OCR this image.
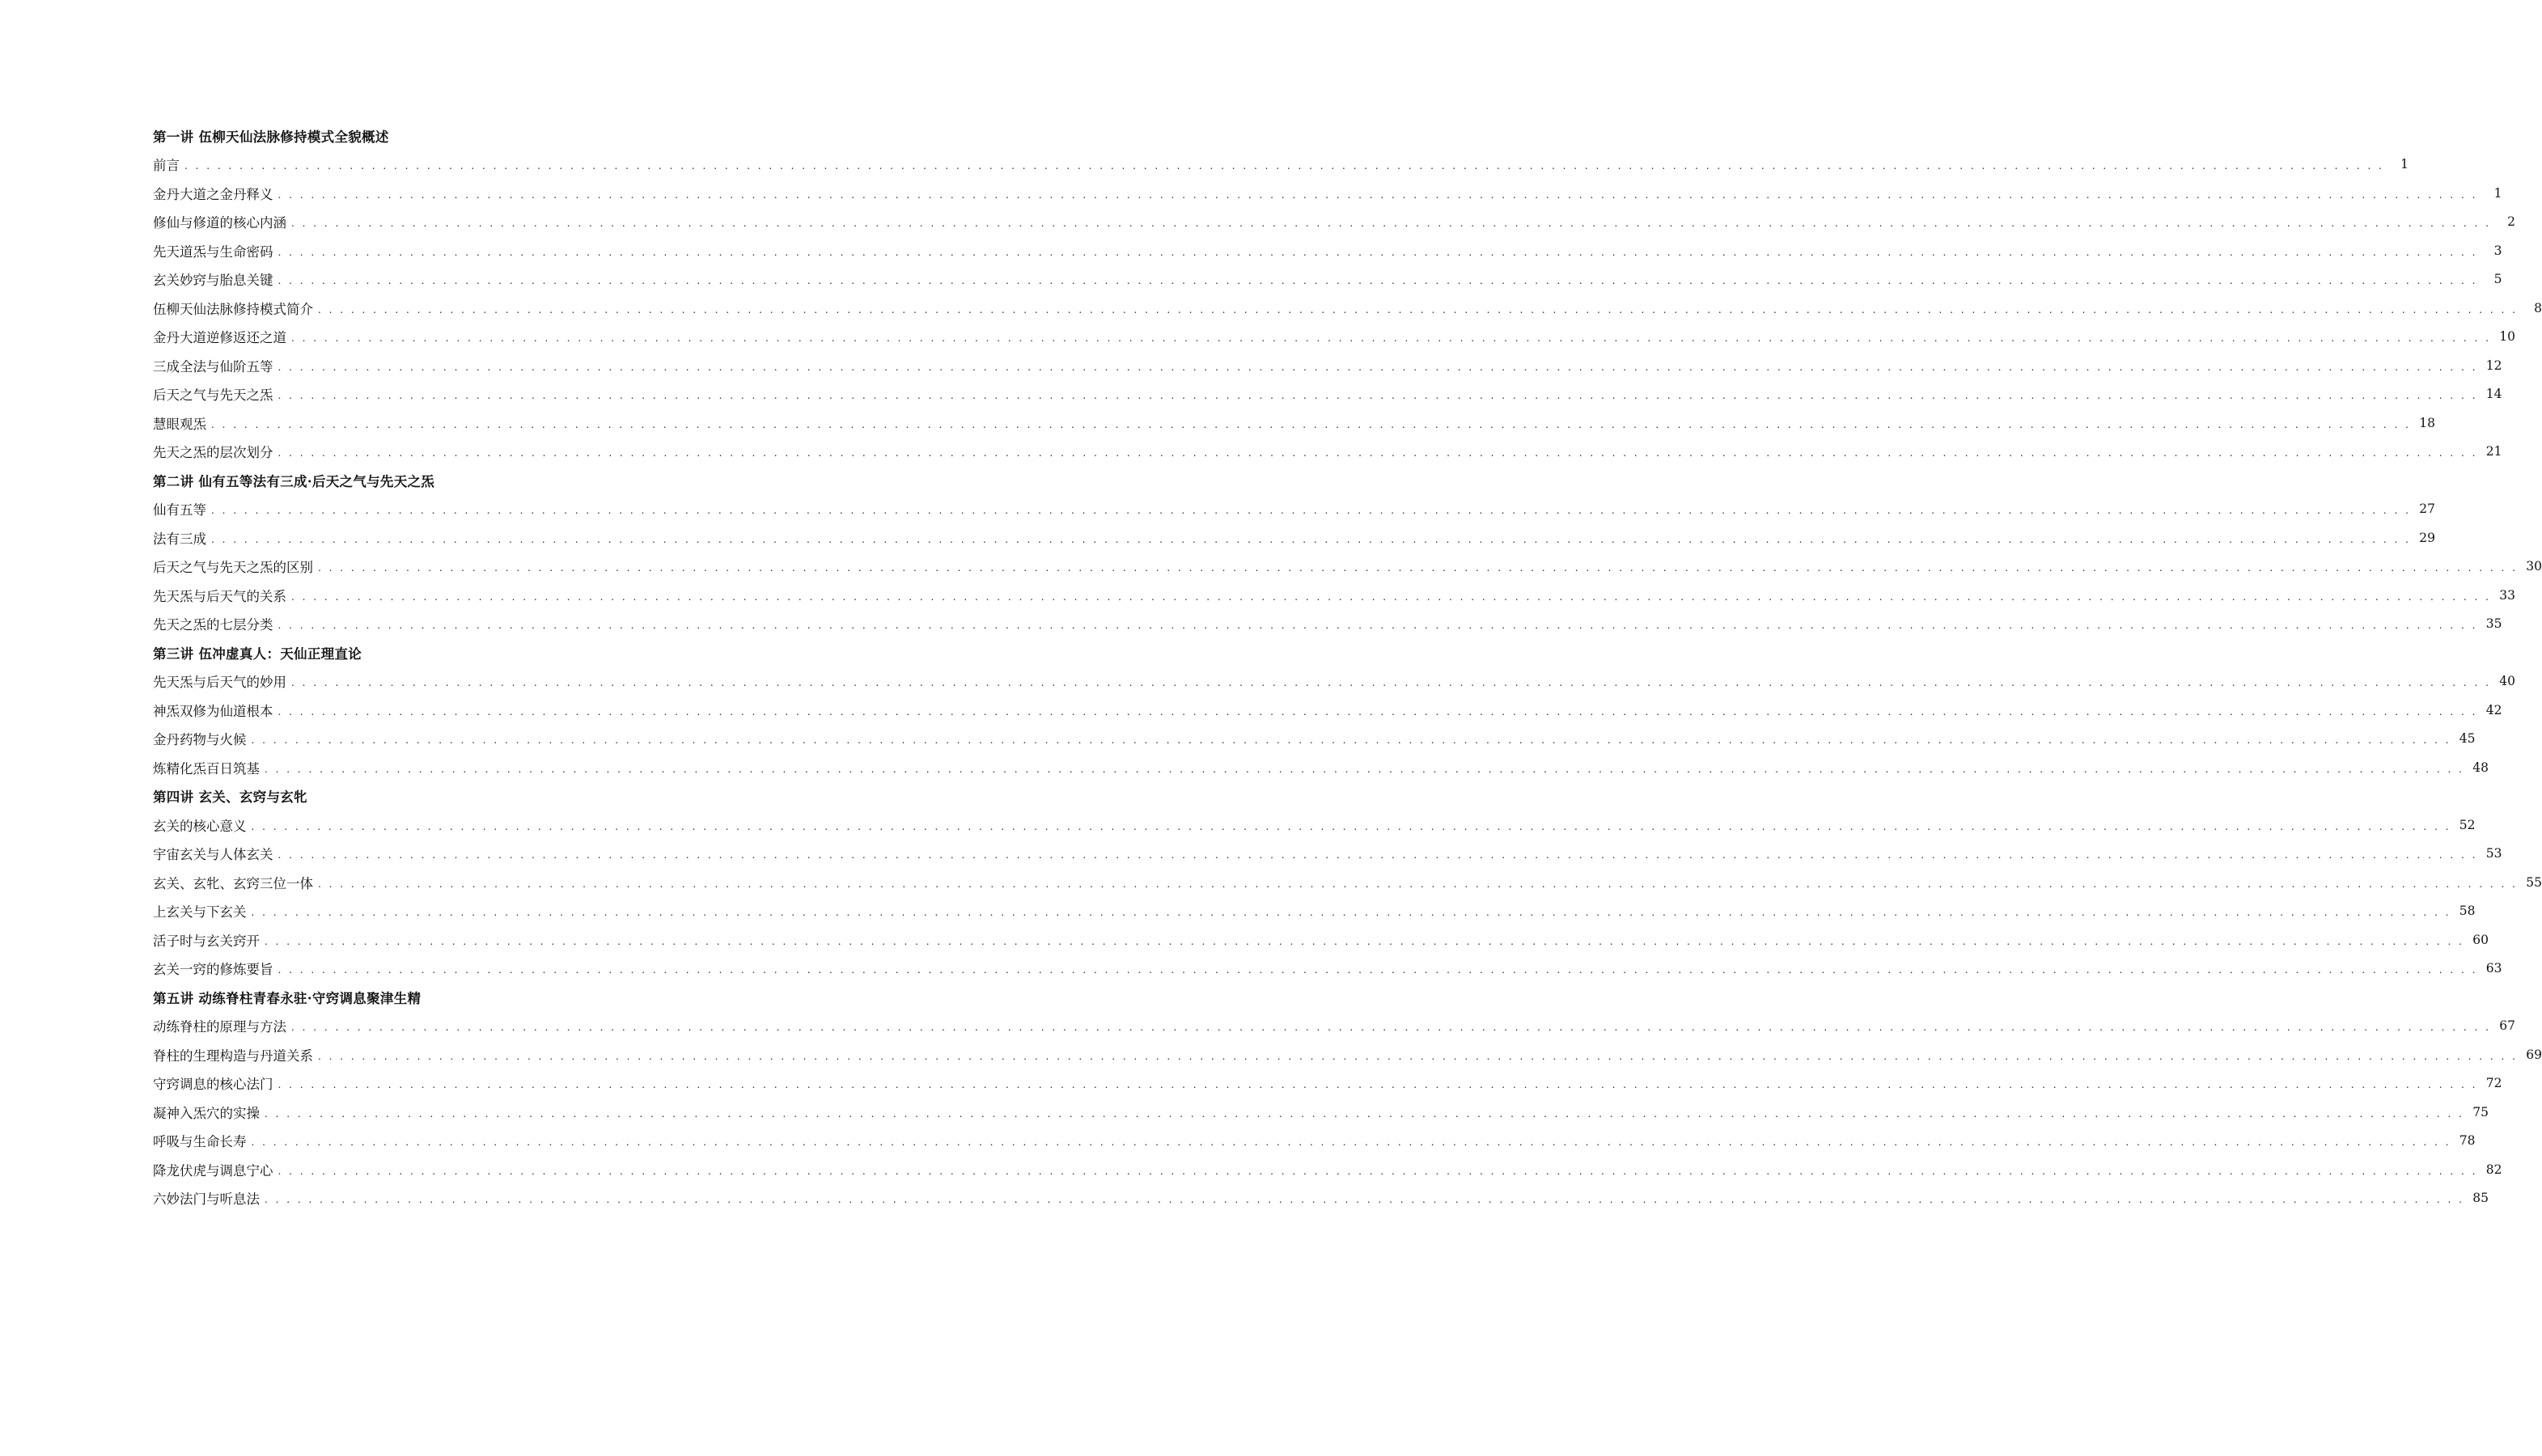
第一讲 伍柳天仙法脉修持模式全貌概述
前言 . . . . . . . . . . . . . . . . . . . . . . . . . . . . . . . . . . . . . . . . . . . . . . . . . . . . . . . . . . . . . . . . . . . . . . . . . . . . . . . . . . . . . . . . . . . . . . . . . . . . . . . . . . . . . . . . . . . . . . . . . . . . . . . . . . . . . . . . . . . . . . . . . . . . . . . . . . . . . . . . . . . . . . . . . . . . . . . . . . . . . . . . . . . . . . . . . . . . . . . .	1
金丹大道之金丹释义 . . . . . . . . . . . . . . . . . . . . . . . . . . . . . . . . . . . . . . . . . . . . . . . . . . . . . . . . . . . . . . . . . . . . . . . . . . . . . . . . . . . . . . . . . . . . . . . . . . . . . . . . . . . . . . . . . . . . . . . . . . . . . . . . . . . . . . . . . . . . . . . . . . . . . . . . . . . . . . . . . . . . . . . . . . . . . . . . . . . . . . . . . . . . . . . . . . . . . . . .	1
修仙与修道的核心内涵 . . . . . . . . . . . . . . . . . . . . . . . . . . . . . . . . . . . . . . . . . . . . . . . . . . . . . . . . . . . . . . . . . . . . . . . . . . . . . . . . . . . . . . . . . . . . . . . . . . . . . . . . . . . . . . . . . . . . . . . . . . . . . . . . . . . . . . . . . . . . . . . . . . . . . . . . . . . . . . . . . . . . . . . . . . . . . . . . . . . . . . . . . . . . . . . . . . . . . . . .	2
先天道炁与生命密码 . . . . . . . . . . . . . . . . . . . . . . . . . . . . . . . . . . . . . . . . . . . . . . . . . . . . . . . . . . . . . . . . . . . . . . . . . . . . . . . . . . . . . . . . . . . . . . . . . . . . . . . . . . . . . . . . . . . . . . . . . . . . . . . . . . . . . . . . . . . . . . . . . . . . . . . . . . . . . . . . . . . . . . . . . . . . . . . . . . . . . . . . . . . . . . . . . . . . . . . .	3
玄关妙窍与胎息关键 . . . . . . . . . . . . . . . . . . . . . . . . . . . . . . . . . . . . . . . . . . . . . . . . . . . . . . . . . . . . . . . . . . . . . . . . . . . . . . . . . . . . . . . . . . . . . . . . . . . . . . . . . . . . . . . . . . . . . . . . . . . . . . . . . . . . . . . . . . . . . . . . . . . . . . . . . . . . . . . . . . . . . . . . . . . . . . . . . . . . . . . . . . . . . . . . . . . . . . . .	5
伍柳天仙法脉修持模式简介 . . . . . . . . . . . . . . . . . . . . . . . . . . . . . . . . . . . . . . . . . . . . . . . . . . . . . . . . . . . . . . . . . . . . . . . . . . . . . . . . . . . . . . . . . . . . . . . . . . . . . . . . . . . . . . . . . . . . . . . . . . . . . . . . . . . . . . . . . . . . . . . . . . . . . . . . . . . . . . . . . . . . . . . . . . . . . . . . . . . . . . . . . . . . . . . . . . . . . . . .	8
金丹大道逆修返还之道 . . . . . . . . . . . . . . . . . . . . . . . . . . . . . . . . . . . . . . . . . . . . . . . . . . . . . . . . . . . . . . . . . . . . . . . . . . . . . . . . . . . . . . . . . . . . . . . . . . . . . . . . . . . . . . . . . . . . . . . . . . . . . . . . . . . . . . . . . . . . . . . . . . . . . . . . . . . . . . . . . . . . . . . . . . . . . . . . . . . . . . . . . . . . . . . . . . . . . . . . 10
三成全法与仙阶五等 . . . . . . . . . . . . . . . . . . . . . . . . . . . . . . . . . . . . . . . . . . . . . . . . . . . . . . . . . . . . . . . . . . . . . . . . . . . . . . . . . . . . . . . . . . . . . . . . . . . . . . . . . . . . . . . . . . . . . . . . . . . . . . . . . . . . . . . . . . . . . . . . . . . . . . . . . . . . . . . . . . . . . . . . . . . . . . . . . . . . . . . . . . . . . . . . . . . . . . . . 12
后天之气与先天之炁 . . . . . . . . . . . . . . . . . . . . . . . . . . . . . . . . . . . . . . . . . . . . . . . . . . . . . . . . . . . . . . . . . . . . . . . . . . . . . . . . . . . . . . . . . . . . . . . . . . . . . . . . . . . . . . . . . . . . . . . . . . . . . . . . . . . . . . . . . . . . . . . . . . . . . . . . . . . . . . . . . . . . . . . . . . . . . . . . . . . . . . . . . . . . . . . . . . . . . . . . 14
慧眼观炁 . . . . . . . . . . . . . . . . . . . . . . . . . . . . . . . . . . . . . . . . . . . . . . . . . . . . . . . . . . . . . . . . . . . . . . . . . . . . . . . . . . . . . . . . . . . . . . . . . . . . . . . . . . . . . . . . . . . . . . . . . . . . . . . . . . . . . . . . . . . . . . . . . . . . . . . . . . . . . . . . . . . . . . . . . . . . . . . . . . . . . . . . . . . . . . . . . . . . . . . . 18
先天之炁的层次划分 . . . . . . . . . . . . . . . . . . . . . . . . . . . . . . . . . . . . . . . . . . . . . . . . . . . . . . . . . . . . . . . . . . . . . . . . . . . . . . . . . . . . . . . . . . . . . . . . . . . . . . . . . . . . . . . . . . . . . . . . . . . . . . . . . . . . . . . . . . . . . . . . . . . . . . . . . . . . . . . . . . . . . . . . . . . . . . . . . . . . . . . . . . . . . . . . . . . . . . . . 21
第二讲 仙有五等法有三成·后天之气与先天之炁
仙有五等 . . . . . . . . . . . . . . . . . . . . . . . . . . . . . . . . . . . . . . . . . . . . . . . . . . . . . . . . . . . . . . . . . . . . . . . . . . . . . . . . . . . . . . . . . . . . . . . . . . . . . . . . . . . . . . . . . . . . . . . . . . . . . . . . . . . . . . . . . . . . . . . . . . . . . . . . . . . . . . . . . . . . . . . . . . . . . . . . . . . . . . . . . . . . . . . . . . . . . . . . 27
法有三成 . . . . . . . . . . . . . . . . . . . . . . . . . . . . . . . . . . . . . . . . . . . . . . . . . . . . . . . . . . . . . . . . . . . . . . . . . . . . . . . . . . . . . . . . . . . . . . . . . . . . . . . . . . . . . . . . . . . . . . . . . . . . . . . . . . . . . . . . . . . . . . . . . . . . . . . . . . . . . . . . . . . . . . . . . . . . . . . . . . . . . . . . . . . . . . . . . . . . . . . . 29
后天之气与先天之炁的区别 . . . . . . . . . . . . . . . . . . . . . . . . . . . . . . . . . . . . . . . . . . . . . . . . . . . . . . . . . . . . . . . . . . . . . . . . . . . . . . . . . . . . . . . . . . . . . . . . . . . . . . . . . . . . . . . . . . . . . . . . . . . . . . . . . . . . . . . . . . . . . . . . . . . . . . . . . . . . . . . . . . . . . . . . . . . . . . . . . . . . . . . . . . . . . . . . . . . . . . . . 30
先天炁与后天气的关系 . . . . . . . . . . . . . . . . . . . . . . . . . . . . . . . . . . . . . . . . . . . . . . . . . . . . . . . . . . . . . . . . . . . . . . . . . . . . . . . . . . . . . . . . . . . . . . . . . . . . . . . . . . . . . . . . . . . . . . . . . . . . . . . . . . . . . . . . . . . . . . . . . . . . . . . . . . . . . . . . . . . . . . . . . . . . . . . . . . . . . . . . . . . . . . . . . . . . . . . . 33
先天之炁的七层分类 . . . . . . . . . . . . . . . . . . . . . . . . . . . . . . . . . . . . . . . . . . . . . . . . . . . . . . . . . . . . . . . . . . . . . . . . . . . . . . . . . . . . . . . . . . . . . . . . . . . . . . . . . . . . . . . . . . . . . . . . . . . . . . . . . . . . . . . . . . . . . . . . . . . . . . . . . . . . . . . . . . . . . . . . . . . . . . . . . . . . . . . . . . . . . . . . . . . . . . . . 35
第三讲 伍冲虚真人：天仙正理直论
先天炁与后天气的妙用 . . . . . . . . . . . . . . . . . . . . . . . . . . . . . . . . . . . . . . . . . . . . . . . . . . . . . . . . . . . . . . . . . . . . . . . . . . . . . . . . . . . . . . . . . . . . . . . . . . . . . . . . . . . . . . . . . . . . . . . . . . . . . . . . . . . . . . . . . . . . . . . . . . . . . . . . . . . . . . . . . . . . . . . . . . . . . . . . . . . . . . . . . . . . . . . . . . . . . . . . 40
神炁双修为仙道根本 . . . . . . . . . . . . . . . . . . . . . . . . . . . . . . . . . . . . . . . . . . . . . . . . . . . . . . . . . . . . . . . . . . . . . . . . . . . . . . . . . . . . . . . . . . . . . . . . . . . . . . . . . . . . . . . . . . . . . . . . . . . . . . . . . . . . . . . . . . . . . . . . . . . . . . . . . . . . . . . . . . . . . . . . . . . . . . . . . . . . . . . . . . . . . . . . . . . . . . . . 42
金丹药物与火候 . . . . . . . . . . . . . . . . . . . . . . . . . . . . . . . . . . . . . . . . . . . . . . . . . . . . . . . . . . . . . . . . . . . . . . . . . . . . . . . . . . . . . . . . . . . . . . . . . . . . . . . . . . . . . . . . . . . . . . . . . . . . . . . . . . . . . . . . . . . . . . . . . . . . . . . . . . . . . . . . . . . . . . . . . . . . . . . . . . . . . . . . . . . . . . . . . . . . . . . . 45
炼精化炁百日筑基 . . . . . . . . . . . . . . . . . . . . . . . . . . . . . . . . . . . . . . . . . . . . . . . . . . . . . . . . . . . . . . . . . . . . . . . . . . . . . . . . . . . . . . . . . . . . . . . . . . . . . . . . . . . . . . . . . . . . . . . . . . . . . . . . . . . . . . . . . . . . . . . . . . . . . . . . . . . . . . . . . . . . . . . . . . . . . . . . . . . . . . . . . . . . . . . . . . . . . . . . 48
第四讲 玄关、玄窍与玄牝
玄关的核心意义 . . . . . . . . . . . . . . . . . . . . . . . . . . . . . . . . . . . . . . . . . . . . . . . . . . . . . . . . . . . . . . . . . . . . . . . . . . . . . . . . . . . . . . . . . . . . . . . . . . . . . . . . . . . . . . . . . . . . . . . . . . . . . . . . . . . . . . . . . . . . . . . . . . . . . . . . . . . . . . . . . . . . . . . . . . . . . . . . . . . . . . . . . . . . . . . . . . . . . . . . 52
宇宙玄关与人体玄关 . . . . . . . . . . . . . . . . . . . . . . . . . . . . . . . . . . . . . . . . . . . . . . . . . . . . . . . . . . . . . . . . . . . . . . . . . . . . . . . . . . . . . . . . . . . . . . . . . . . . . . . . . . . . . . . . . . . . . . . . . . . . . . . . . . . . . . . . . . . . . . . . . . . . . . . . . . . . . . . . . . . . . . . . . . . . . . . . . . . . . . . . . . . . . . . . . . . . . . . . 53
玄关、玄牝、玄窍三位一体 . . . . . . . . . . . . . . . . . . . . . . . . . . . . . . . . . . . . . . . . . . . . . . . . . . . . . . . . . . . . . . . . . . . . . . . . . . . . . . . . . . . . . . . . . . . . . . . . . . . . . . . . . . . . . . . . . . . . . . . . . . . . . . . . . . . . . . . . . . . . . . . . . . . . . . . . . . . . . . . . . . . . . . . . . . . . . . . . . . . . . . . . . . . . . . . . . . . . . . . . 55
上玄关与下玄关 . . . . . . . . . . . . . . . . . . . . . . . . . . . . . . . . . . . . . . . . . . . . . . . . . . . . . . . . . . . . . . . . . . . . . . . . . . . . . . . . . . . . . . . . . . . . . . . . . . . . . . . . . . . . . . . . . . . . . . . . . . . . . . . . . . . . . . . . . . . . . . . . . . . . . . . . . . . . . . . . . . . . . . . . . . . . . . . . . . . . . . . . . . . . . . . . . . . . . . . . 58
活子时与玄关窍开 . . . . . . . . . . . . . . . . . . . . . . . . . . . . . . . . . . . . . . . . . . . . . . . . . . . . . . . . . . . . . . . . . . . . . . . . . . . . . . . . . . . . . . . . . . . . . . . . . . . . . . . . . . . . . . . . . . . . . . . . . . . . . . . . . . . . . . . . . . . . . . . . . . . . . . . . . . . . . . . . . . . . . . . . . . . . . . . . . . . . . . . . . . . . . . . . . . . . . . . . 60
玄关一窍的修炼要旨 . . . . . . . . . . . . . . . . . . . . . . . . . . . . . . . . . . . . . . . . . . . . . . . . . . . . . . . . . . . . . . . . . . . . . . . . . . . . . . . . . . . . . . . . . . . . . . . . . . . . . . . . . . . . . . . . . . . . . . . . . . . . . . . . . . . . . . . . . . . . . . . . . . . . . . . . . . . . . . . . . . . . . . . . . . . . . . . . . . . . . . . . . . . . . . . . . . . . . . . . 63
第五讲 动练脊柱青春永驻·守窍调息聚津生精
动练脊柱的原理与方法 . . . . . . . . . . . . . . . . . . . . . . . . . . . . . . . . . . . . . . . . . . . . . . . . . . . . . . . . . . . . . . . . . . . . . . . . . . . . . . . . . . . . . . . . . . . . . . . . . . . . . . . . . . . . . . . . . . . . . . . . . . . . . . . . . . . . . . . . . . . . . . . . . . . . . . . . . . . . . . . . . . . . . . . . . . . . . . . . . . . . . . . . . . . . . . . . . . . . . . . . 67
脊柱的生理构造与丹道关系 . . . . . . . . . . . . . . . . . . . . . . . . . . . . . . . . . . . . . . . . . . . . . . . . . . . . . . . . . . . . . . . . . . . . . . . . . . . . . . . . . . . . . . . . . . . . . . . . . . . . . . . . . . . . . . . . . . . . . . . . . . . . . . . . . . . . . . . . . . . . . . . . . . . . . . . . . . . . . . . . . . . . . . . . . . . . . . . . . . . . . . . . . . . . . . . . . . . . . . . . 69
守窍调息的核心法门 . . . . . . . . . . . . . . . . . . . . . . . . . . . . . . . . . . . . . . . . . . . . . . . . . . . . . . . . . . . . . . . . . . . . . . . . . . . . . . . . . . . . . . . . . . . . . . . . . . . . . . . . . . . . . . . . . . . . . . . . . . . . . . . . . . . . . . . . . . . . . . . . . . . . . . . . . . . . . . . . . . . . . . . . . . . . . . . . . . . . . . . . . . . . . . . . . . . . . . . . 72
凝神入炁穴的实操 . . . . . . . . . . . . . . . . . . . . . . . . . . . . . . . . . . . . . . . . . . . . . . . . . . . . . . . . . . . . . . . . . . . . . . . . . . . . . . . . . . . . . . . . . . . . . . . . . . . . . . . . . . . . . . . . . . . . . . . . . . . . . . . . . . . . . . . . . . . . . . . . . . . . . . . . . . . . . . . . . . . . . . . . . . . . . . . . . . . . . . . . . . . . . . . . . . . . . . . . 75
呼吸与生命长寿 . . . . . . . . . . . . . . . . . . . . . . . . . . . . . . . . . . . . . . . . . . . . . . . . . . . . . . . . . . . . . . . . . . . . . . . . . . . . . . . . . . . . . . . . . . . . . . . . . . . . . . . . . . . . . . . . . . . . . . . . . . . . . . . . . . . . . . . . . . . . . . . . . . . . . . . . . . . . . . . . . . . . . . . . . . . . . . . . . . . . . . . . . . . . . . . . . . . . . . . . 78
降龙伏虎与调息宁心 . . . . . . . . . . . . . . . . . . . . . . . . . . . . . . . . . . . . . . . . . . . . . . . . . . . . . . . . . . . . . . . . . . . . . . . . . . . . . . . . . . . . . . . . . . . . . . . . . . . . . . . . . . . . . . . . . . . . . . . . . . . . . . . . . . . . . . . . . . . . . . . . . . . . . . . . . . . . . . . . . . . . . . . . . . . . . . . . . . . . . . . . . . . . . . . . . . . . . . . . 82
六妙法门与听息法 . . . . . . . . . . . . . . . . . . . . . . . . . . . . . . . . . . . . . . . . . . . . . . . . . . . . . . . . . . . . . . . . . . . . . . . . . . . . . . . . . . . . . . . . . . . . . . . . . . . . . . . . . . . . . . . . . . . . . . . . . . . . . . . . . . . . . . . . . . . . . . . . . . . . . . . . . . . . . . . . . . . . . . . . . . . . . . . . . . . . . . . . . . . . . . . . . . . . . . . . 85
